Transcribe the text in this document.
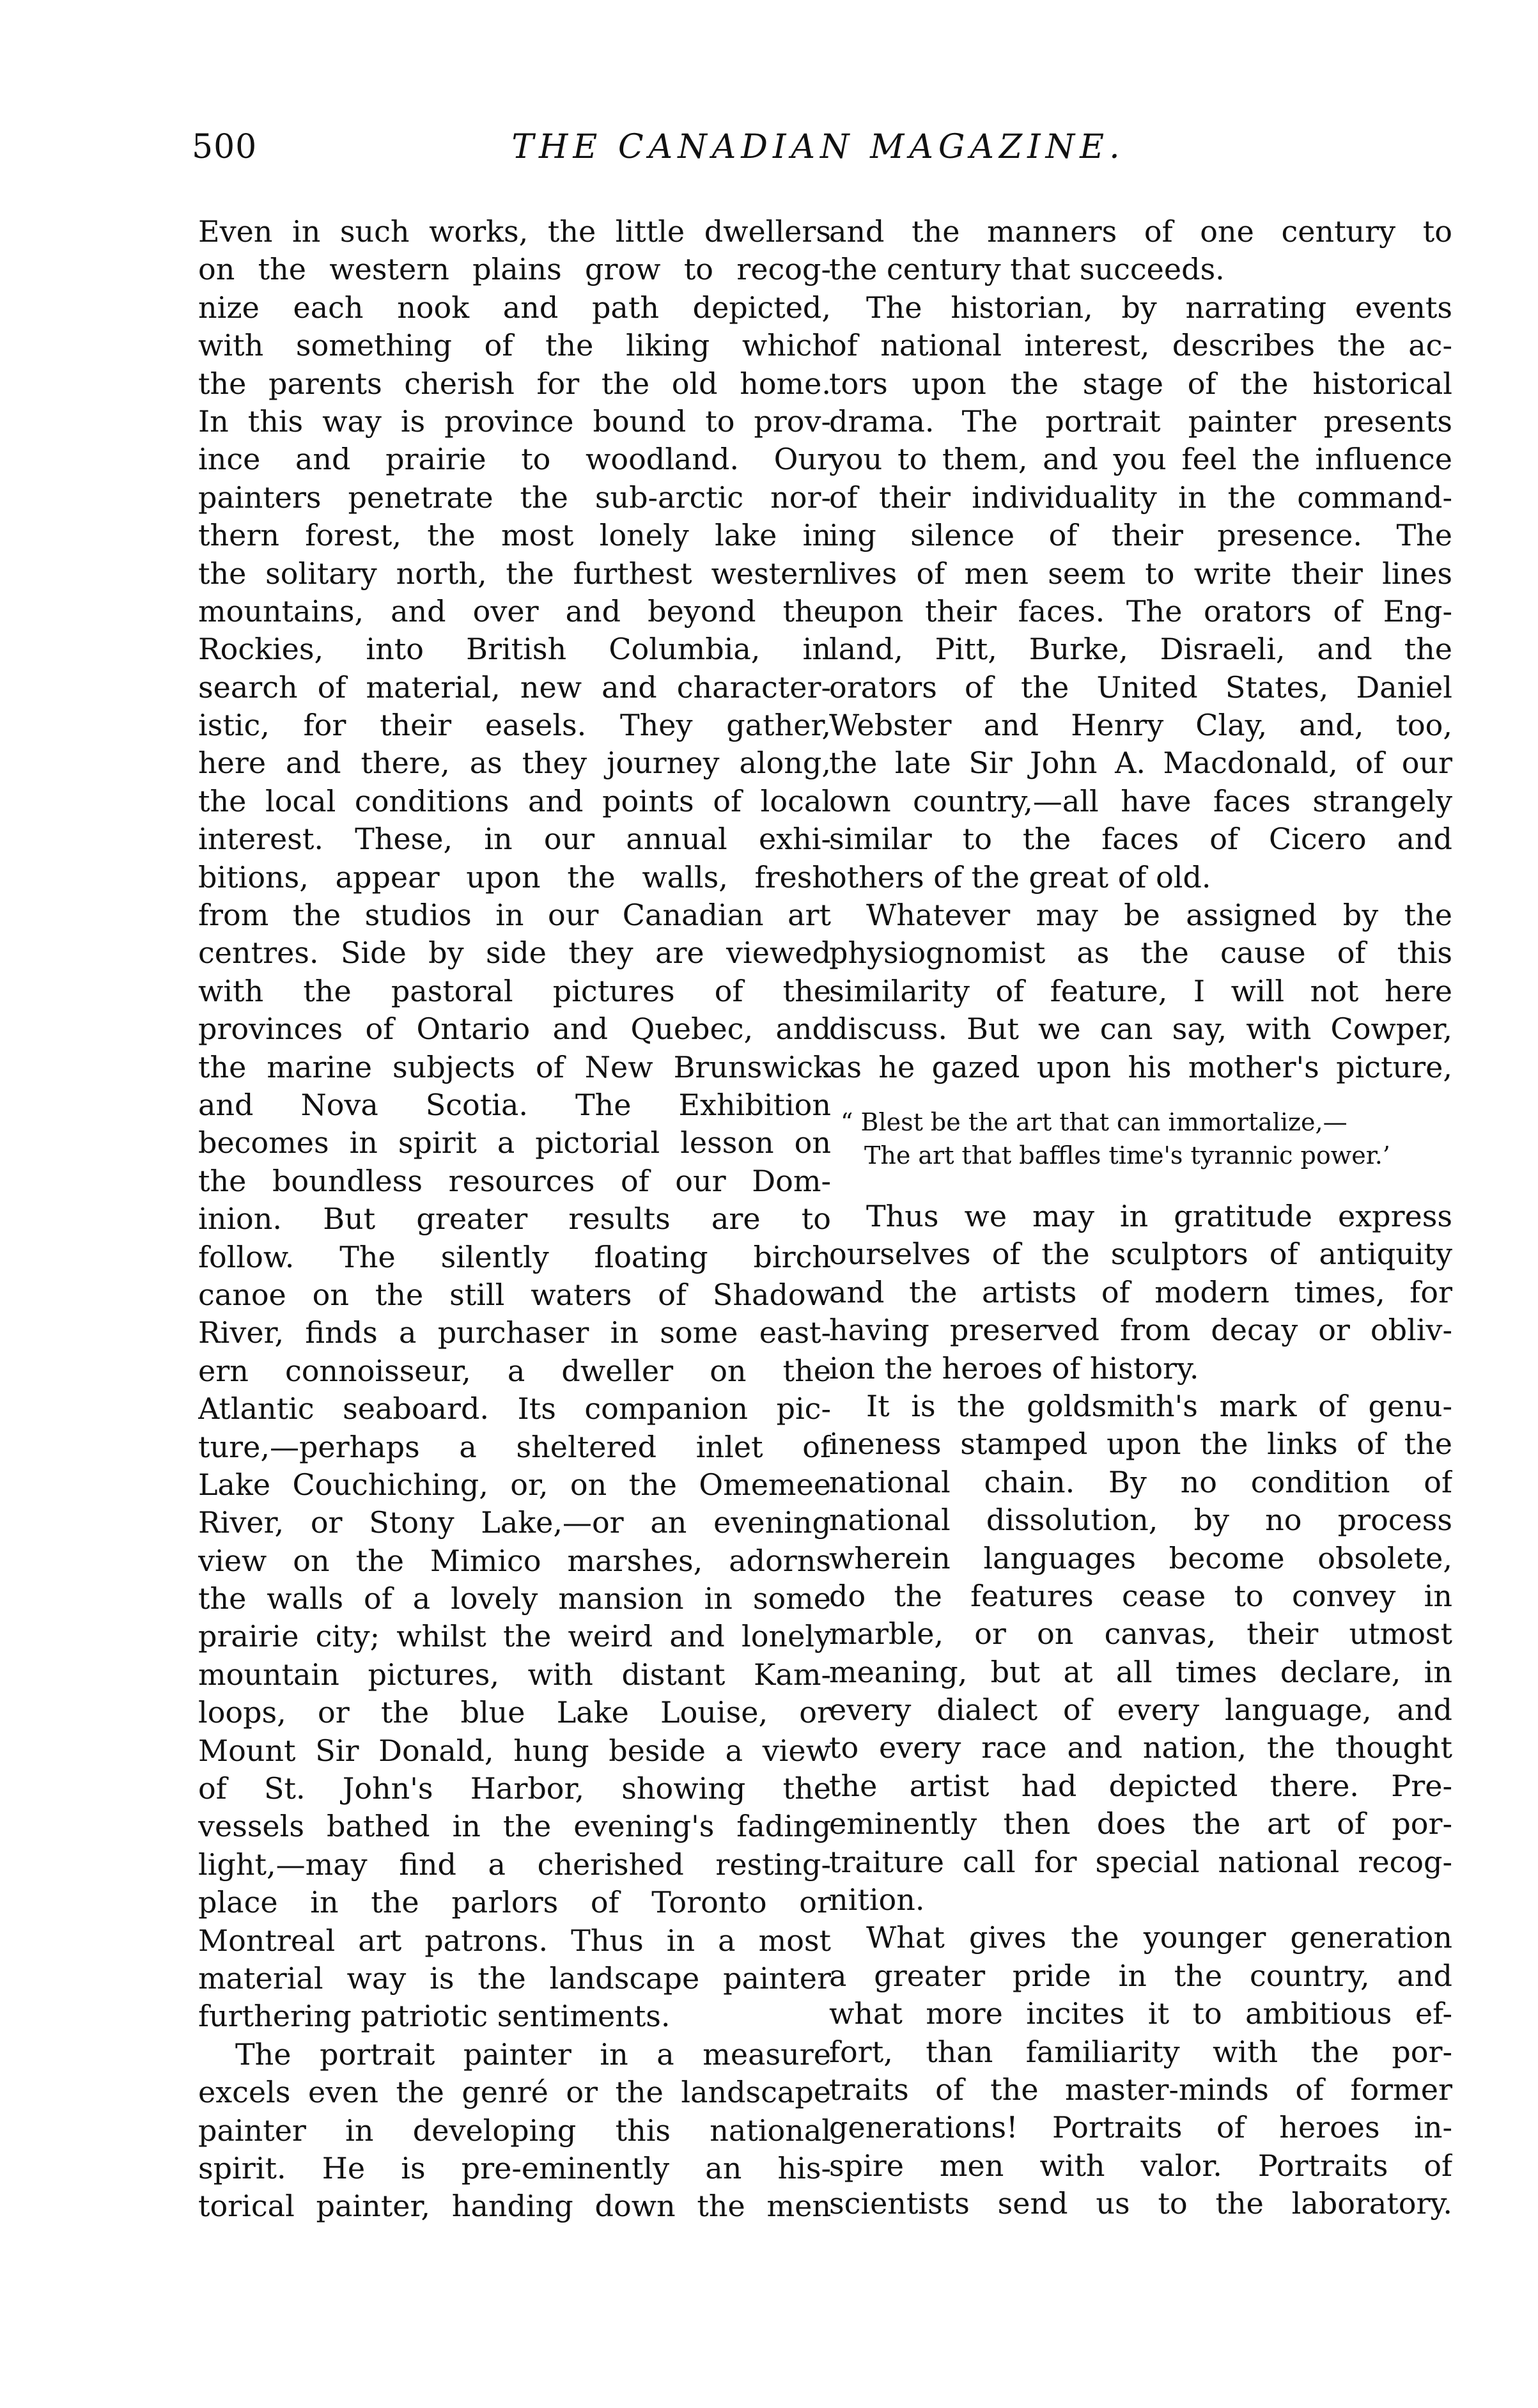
500	THE CANADIAN MAGAZINE.
Even in such works, the little dwellers
on the western plains grow to recog-
nize each nook and path depicted,
with something of the liking which
the parents cherish for the old home.
In this way is province bound to prov-
ince and prairie to woodland. Our
painters penetrate the sub-arctic nor-
thern forest, the most lonely lake in
the solitary north, the furthest western
mountains, and over and beyond the
Rockies, into British Columbia, in
search of material, new and character-
istic, for their easels. They gather,
here and there, as they journey along,
the local conditions and points of local
interest. These, in our annual exhi-
bitions, appear upon the walls, fresh
from the studios in our Canadian art
centres. Side by side they are viewed
with the pastoral pictures of the
provinces of Ontario and Quebec, and
the marine subjects of New Brunswick
and Nova Scotia. The Exhibition
becomes in spirit a pictorial lesson on
the boundless resources of our Dom-
inion. But greater results are to
follow. The silently floating birch
canoe on the still waters of Shadow
River, finds a purchaser in some east-
ern connoisseur, a dweller on the
Atlantic seaboard. Its companion pic-
ture,—perhaps a sheltered inlet of
Lake Couchiching, or, on the Omemee
River, or Stony Lake,—or an evening
view on the Mimico marshes, adorns
the walls of a lovely mansion in some
prairie city; whilst the weird and lonely
mountain pictures, with distant Kam-
loops, or the blue Lake Louise, or
Mount Sir Donald, hung beside a view
of St. John's Harbor, showing the
vessels bathed in the evening's fading
light,—may find a cherished resting-
place in the parlors of Toronto or
Montreal art patrons. Thus in a most
material way is the landscape painter
furthering patriotic sentiments.
The portrait painter in a measure
excels even the genré or the landscape
painter in developing this national
spirit. He is pre-eminently an his-
torical painter, handing down the men
and the manners of one century to
the century that succeeds.
The historian, by narrating events
of national interest, describes the ac-
tors upon the stage of the historical
drama. The portrait painter presents
you to them, and you feel the influence
of their individuality in the command-
ing silence of their presence. The
lives of men seem to write their lines
upon their faces. The orators of Eng-
land, Pitt, Burke, Disraeli, and the
orators of the United States, Daniel
Webster and Henry Clay, and, too,
the late Sir John A. Macdonald, of our
own country,—all have faces strangely
similar to the faces of Cicero and
others of the great of old.
Whatever may be assigned by the
physiognomist as the cause of this
similarity of feature, I will not here
discuss. But we can say, with Cowper,
as he gazed upon his mother's picture,
“ Blest be the art that can immortalize,—
The art that baffles time's tyrannic power.’
Thus we may in gratitude express
ourselves of the sculptors of antiquity
and the artists of modern times, for
having preserved from decay or obliv-
ion the heroes of history.
It is the goldsmith's mark of genu-
ineness stamped upon the links of the
national chain. By no condition of
national dissolution, by no process
wherein languages become obsolete,
do the features cease to convey in
marble, or on canvas, their utmost
meaning, but at all times declare, in
every dialect of every language, and
to every race and nation, the thought
the artist had depicted there. Pre-
eminently then does the art of por-
traiture call for special national recog-
nition.
What gives the younger generation
a greater pride in the country, and
what more incites it to ambitious ef-
fort, than familiarity with the por-
traits of the master-minds of former
generations! Portraits of heroes in-
spire men with valor. Portraits of
scientists send us to the laboratory.
